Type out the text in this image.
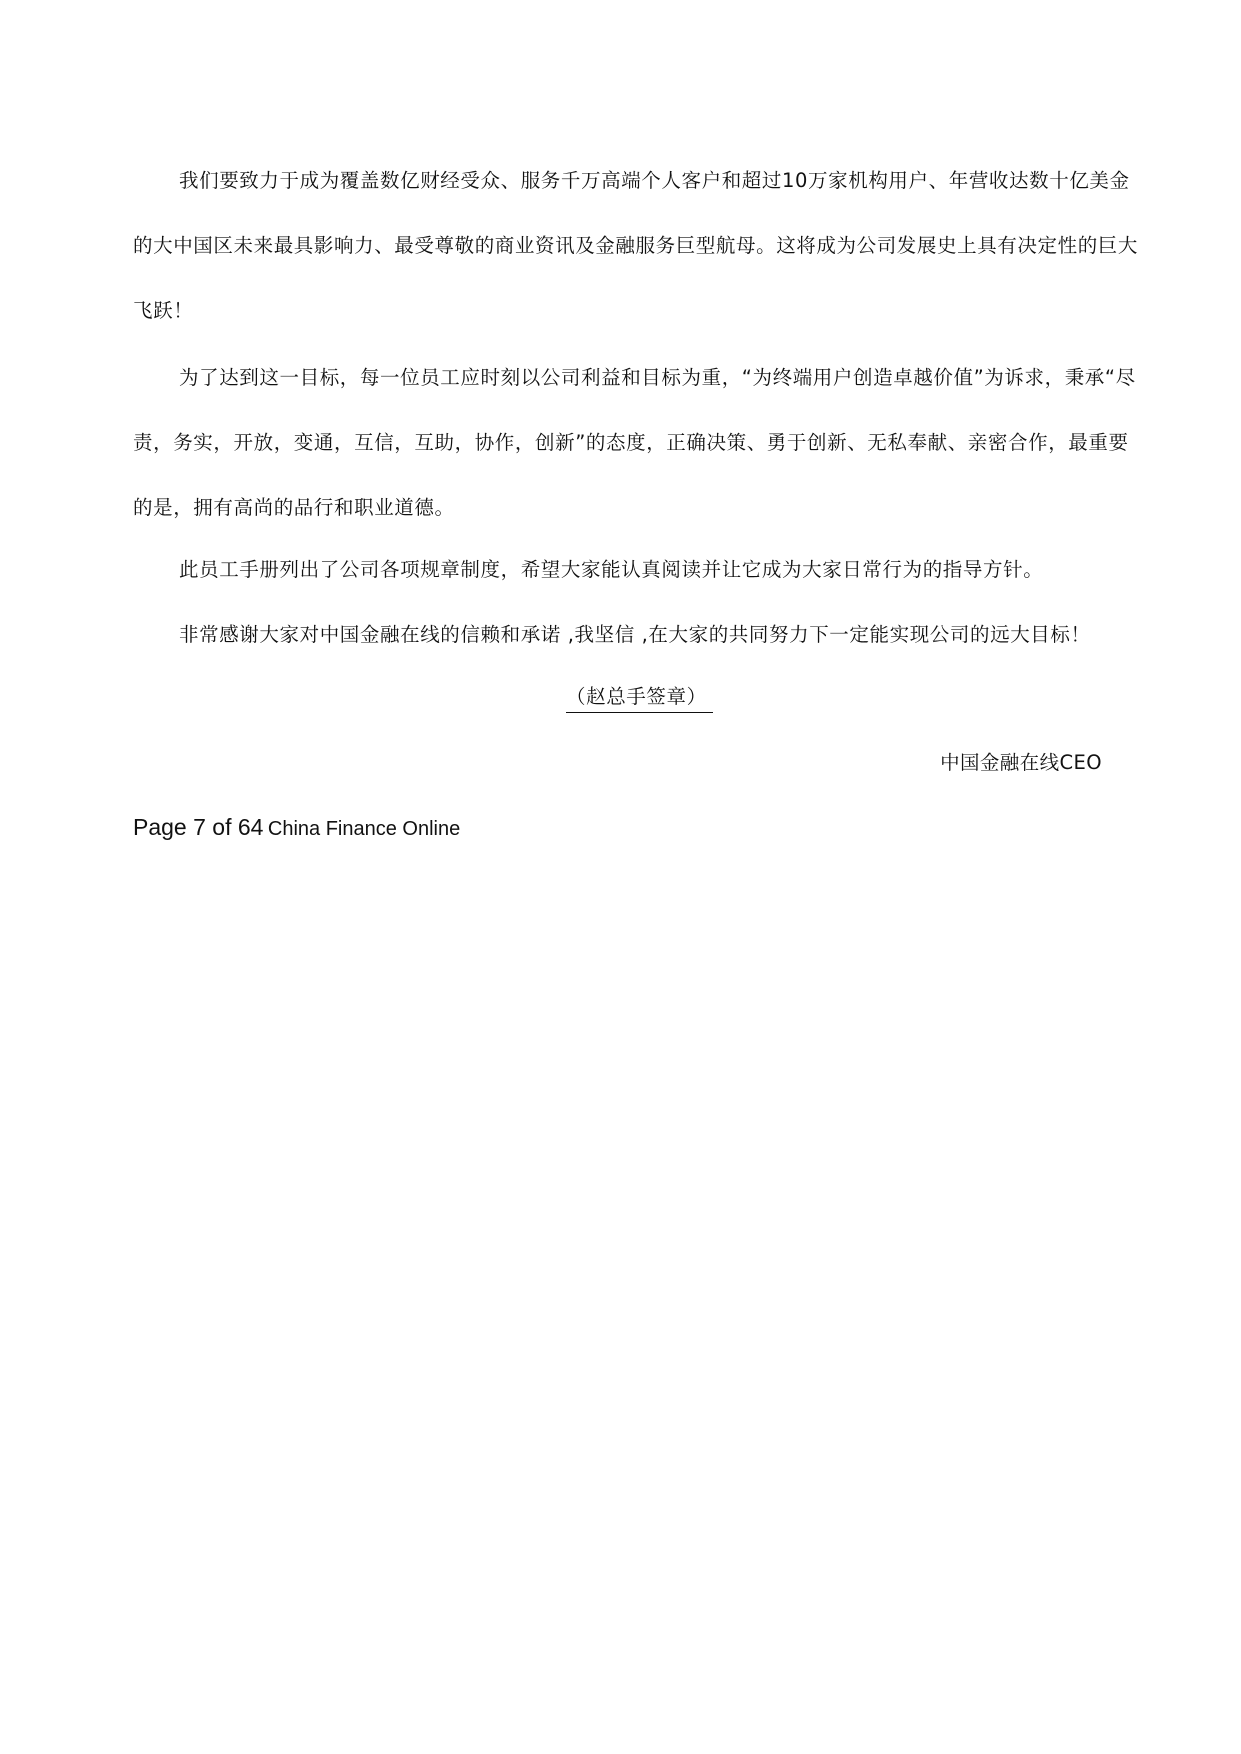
我们要致力于成为覆盖数亿财经受众、服务千万高端个人客户和超过10万家机构用户、年营收达数十亿美金的大中国区未来最具影响力、最受尊敬的商业资讯及金融服务巨型航母。这将成为公司发展史上具有决定性的巨大飞跃！
为了达到这一目标，每一位员工应时刻以公司利益和目标为重，“为终端用户创造卓越价值”为诉求，秉承“尽责，务实，开放，变通，互信，互助，协作，创新”的态度，正确决策、勇于创新、无私奉献、亲密合作，最重要的是，拥有高尚的品行和职业道德。
此员工手册列出了公司各项规章制度，希望大家能认真阅读并让它成为大家日常行为的指导方针。
非常感谢大家对中国金融在线的信赖和承诺 ,我坚信 ,在大家的共同努力下一定能实现公司的远大目标！
（赵总手签章）
中国金融在线CEO
Page 7 of 64 China Finance Online
